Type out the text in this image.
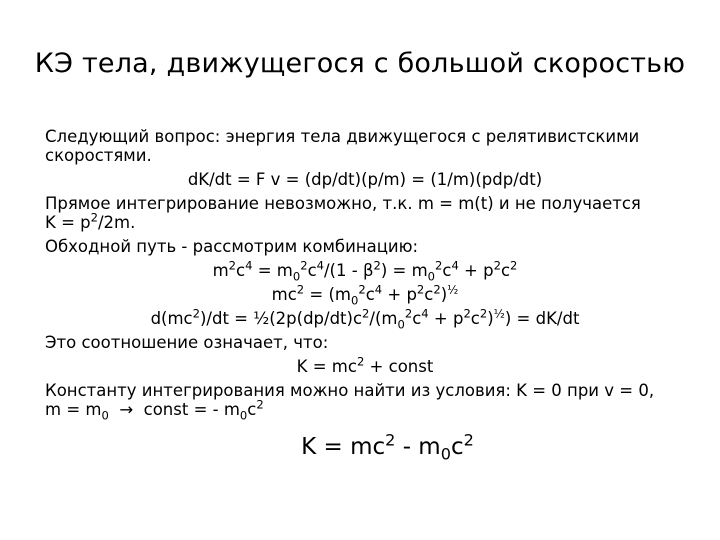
КЭ тела, движущегося с большой скоростью

Следующий вопрос: энергия тела движущегося с релятивистскими

скоростями.

dK/dt = F v = (dp/dt)(p/m) = (1/m)(pdp/dt)

Прямое интегрирование невозможно, т.к. m = m(t) и не получается

$K = p^2/2m$.

Обходной путь - рассмотрим комбинацию:

$m^2c^4 = m_0^2c^4/(1 - \beta^2) = m_0^2c^4 + p^2c^2$

$mc^2 = (m_0^2c^4 + p^2c^2)^{\frac{1}{2}}$

$d(mc^2)/dt$ = $\frac{1}{2}(2p(dp/dt)c^2/(m_0^2c^4 + p^2c^2)^{\frac{1}{2}}) = dK/dt$

Это соотношение означает, что:

$K = mc^2$ + const

Константу интегрирования можно найти из условия: K = 0 при v = 0,

$m = m_0$  →  const = - $m_0c^2$

$K = mc^2 - m_0c^2$
